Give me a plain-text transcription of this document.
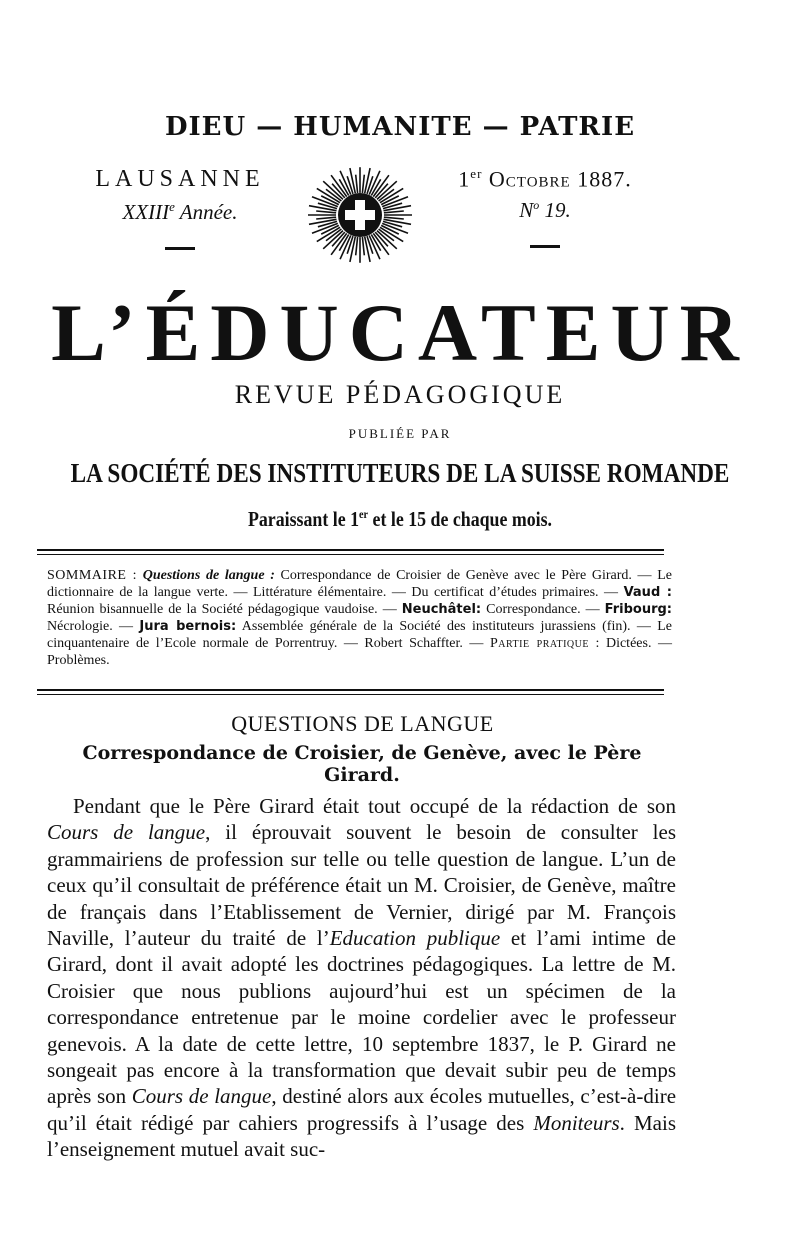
DIEU — HUMANITE — PATRIE
LAUSANNE
XXIIIe Année.
1er Octobre 1887.
$N^o$ 19.
L’ÉDUCATEUR
REVUE PÉDAGOGIQUE
PUBLIÉE PAR
LA SOCIÉTÉ DES INSTITUTEURS DE LA SUISSE ROMANDE
Paraissant le 1er et le 15 de chaque mois.
SOMMAIRE : Questions de langue : Correspondance de Croisier de Genève avec le Père Girard. — Le dictionnaire de la langue verte. — Littérature élémentaire. — Du certificat d’études primaires. — Vaud : Réunion bisannuelle de la Société pédagogique vaudoise. — Neuchâtel: Correspondance. — Fribourg: Nécrologie. — Jura bernois: Assemblée générale de la Société des instituteurs jurassiens (fin). — Le cinquantenaire de l’Ecole normale de Porrentruy. — Robert Schaffter. — Partie pratique : Dictées. — Problèmes.
QUESTIONS DE LANGUE
Correspondance de Croisier, de Genève, avec le Père Girard.

Pendant que le Père Girard était tout occupé de la rédaction de son Cours de langue, il éprouvait souvent le besoin de consulter les grammairiens de profession sur telle ou telle question de langue. L’un de ceux qu’il consultait de préférence était un M. Croisier, de Genève, maître de français dans l’Etablissement de Vernier, dirigé par M. François Naville, l’auteur du traité de l’Education publique et l’ami intime de Girard, dont il avait adopté les doctrines pédagogiques. La lettre de M. Croisier que nous publions aujourd’hui est un spécimen de la correspondance entretenue par le moine cordelier avec le professeur genevois. A la date de cette lettre, 10 septembre 1837, le P. Girard ne songeait pas encore à la transformation que devait subir peu de temps après son Cours de langue, destiné alors aux écoles mutuelles, c’est-à-dire qu’il était rédigé par cahiers progressifs à l’usage des Moniteurs. Mais l’enseignement mutuel avait suc-
